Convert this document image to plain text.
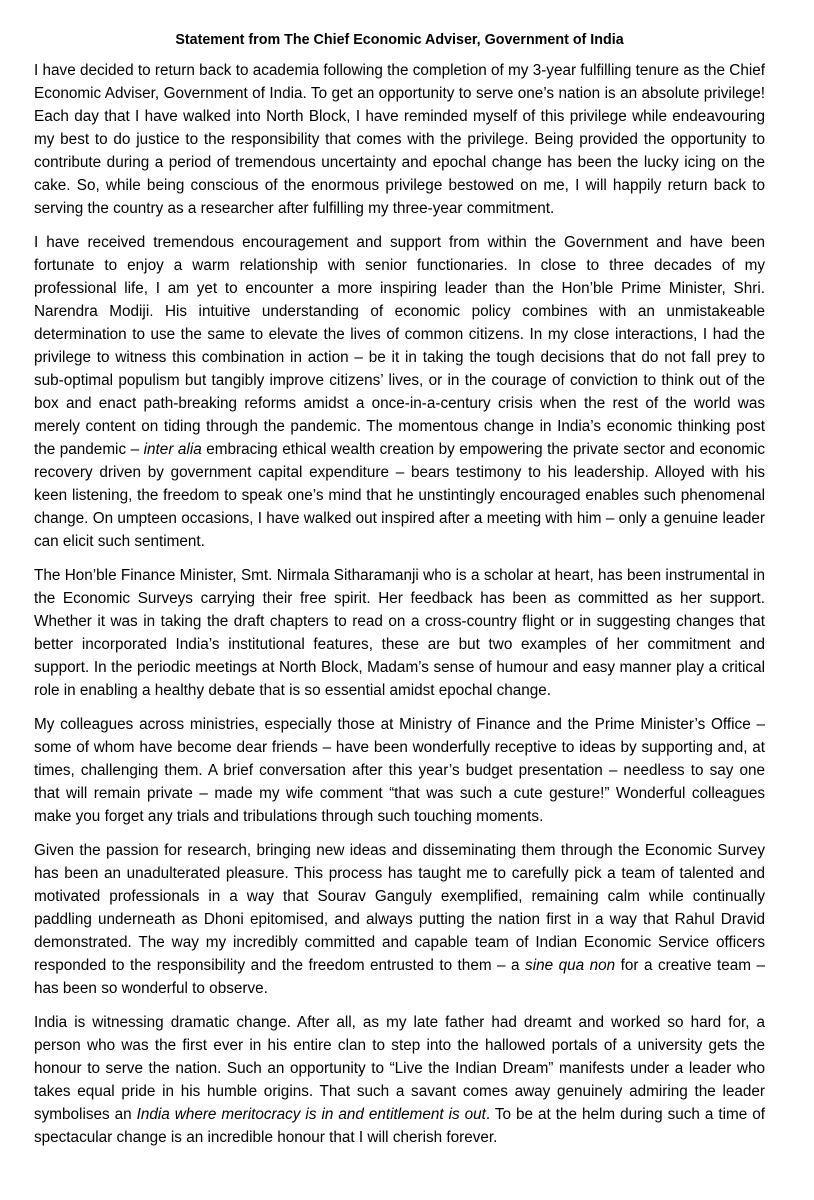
Statement from The Chief Economic Adviser, Government of India

I have decided to return back to academia following the completion of my 3-year fulfilling tenure as the Chief Economic Adviser, Government of India. To get an opportunity to serve one’s nation is an absolute privilege! Each day that I have walked into North Block, I have reminded myself of this privilege while endeavouring my best to do justice to the responsibility that comes with the privilege. Being provided the opportunity to contribute during a period of tremendous uncertainty and epochal change has been the lucky icing on the cake. So, while being conscious of the enormous privilege bestowed on me, I will happily return back to serving the country as a researcher after fulfilling my three-year commitment.

I have received tremendous encouragement and support from within the Government and have been fortunate to enjoy a warm relationship with senior functionaries. In close to three decades of my professional life, I am yet to encounter a more inspiring leader than the Hon’ble Prime Minister, Shri. Narendra Modiji. His intuitive understanding of economic policy combines with an unmistakeable determination to use the same to elevate the lives of common citizens. In my close interactions, I had the privilege to witness this combination in action – be it in taking the tough decisions that do not fall prey to sub-optimal populism but tangibly improve citizens’ lives, or in the courage of conviction to think out of the box and enact path-breaking reforms amidst a once-in-a-century crisis when the rest of the world was merely content on tiding through the pandemic. The momentous change in India’s economic thinking post the pandemic – inter alia embracing ethical wealth creation by empowering the private sector and economic recovery driven by government capital expenditure – bears testimony to his leadership. Alloyed with his keen listening, the freedom to speak one’s mind that he unstintingly encouraged enables such phenomenal change. On umpteen occasions, I have walked out inspired after a meeting with him – only a genuine leader can elicit such sentiment.

The Hon’ble Finance Minister, Smt. Nirmala Sitharamanji who is a scholar at heart, has been instrumental in the Economic Surveys carrying their free spirit. Her feedback has been as committed as her support. Whether it was in taking the draft chapters to read on a cross-country flight or in suggesting changes that better incorporated India’s institutional features, these are but two examples of her commitment and support. In the periodic meetings at North Block, Madam’s sense of humour and easy manner play a critical role in enabling a healthy debate that is so essential amidst epochal change.

My colleagues across ministries, especially those at Ministry of Finance and the Prime Minister’s Office – some of whom have become dear friends – have been wonderfully receptive to ideas by supporting and, at times, challenging them. A brief conversation after this year’s budget presentation – needless to say one that will remain private – made my wife comment “that was such a cute gesture!” Wonderful colleagues make you forget any trials and tribulations through such touching moments.

Given the passion for research, bringing new ideas and disseminating them through the Economic Survey has been an unadulterated pleasure. This process has taught me to carefully pick a team of talented and motivated professionals in a way that Sourav Ganguly exemplified, remaining calm while continually paddling underneath as Dhoni epitomised, and always putting the nation first in a way that Rahul Dravid demonstrated. The way my incredibly committed and capable team of Indian Economic Service officers responded to the responsibility and the freedom entrusted to them – a sine qua non for a creative team – has been so wonderful to observe.

India is witnessing dramatic change. After all, as my late father had dreamt and worked so hard for, a person who was the first ever in his entire clan to step into the hallowed portals of a university gets the honour to serve the nation. Such an opportunity to “Live the Indian Dream” manifests under a leader who takes equal pride in his humble origins. That such a savant comes away genuinely admiring the leader symbolises an India where meritocracy is in and entitlement is out. To be at the helm during such a time of spectacular change is an incredible honour that I will cherish forever.
